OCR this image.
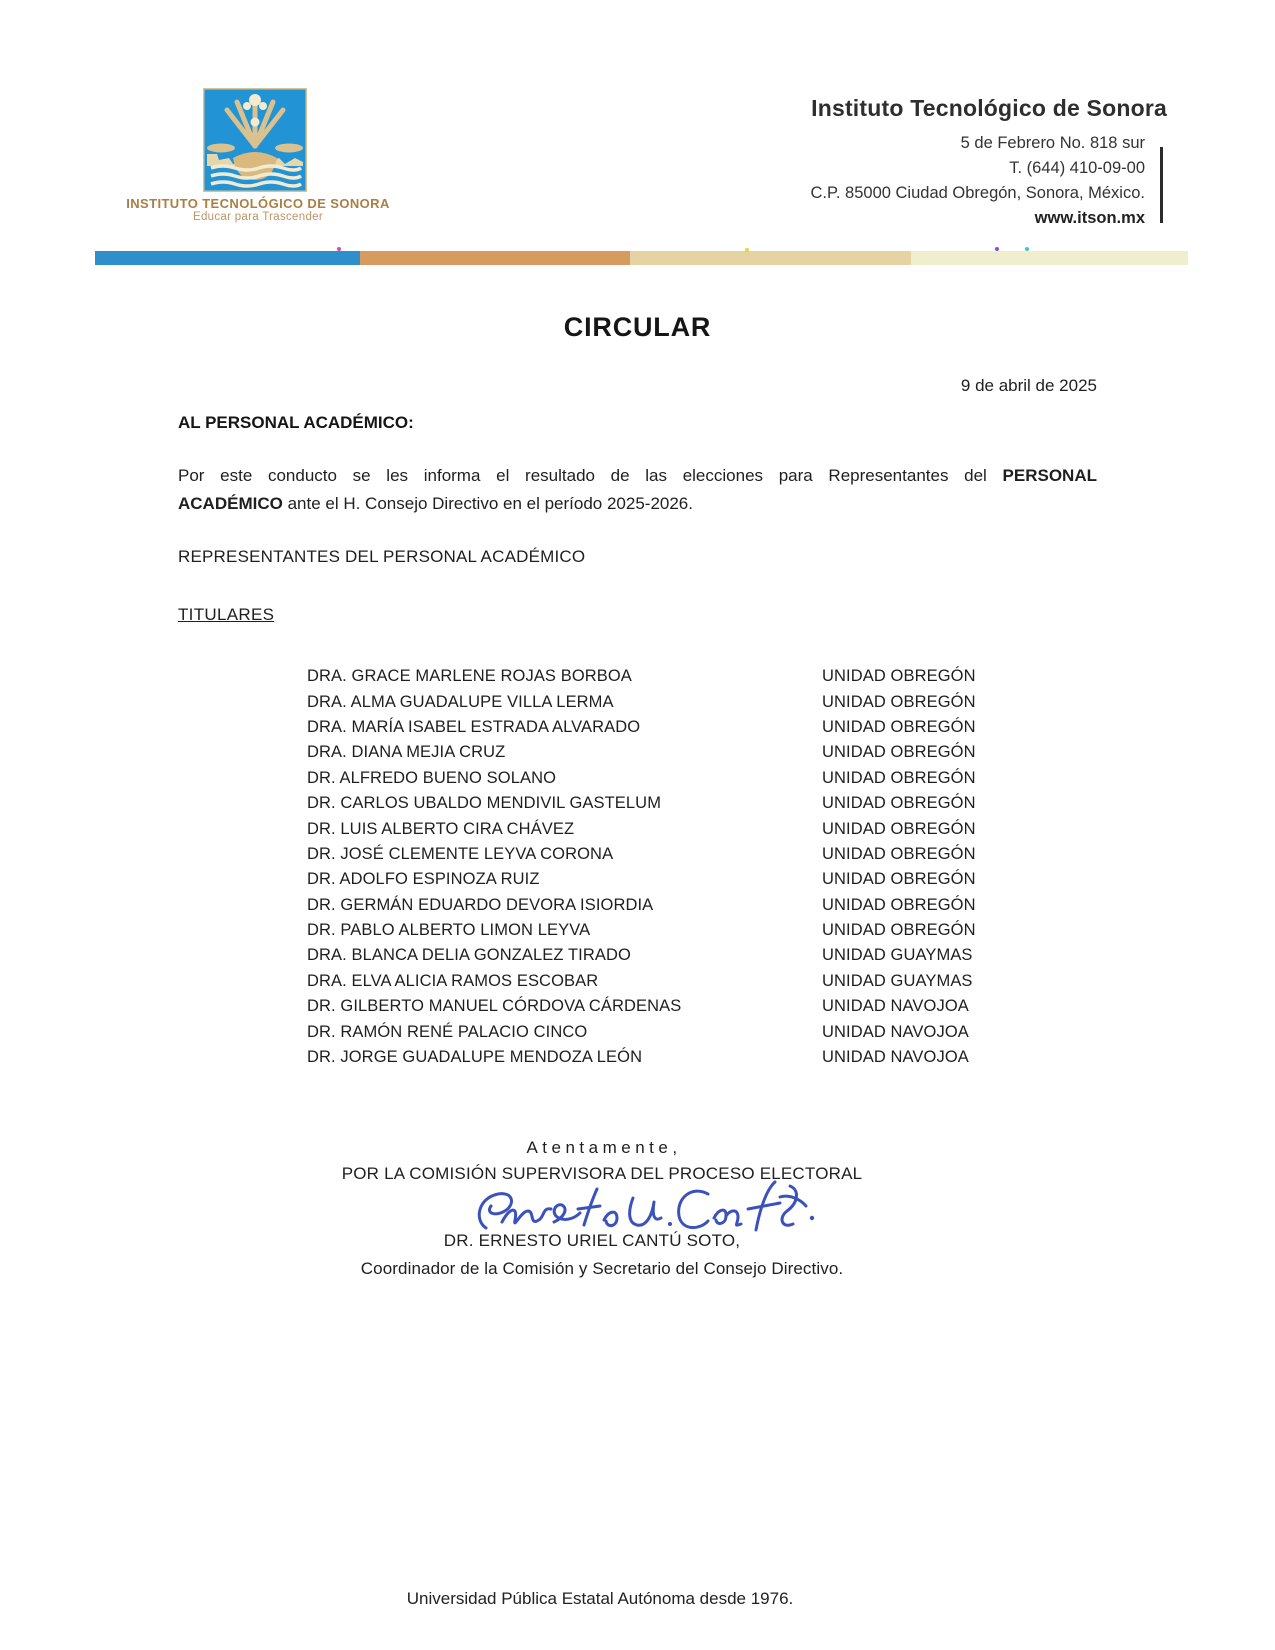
INSTITUTO TECNOLÓGICO DE SONORA
Educar para Trascender
Instituto Tecnológico de Sonora
5 de Febrero No. 818 sur
T. (644) 410-09-00
C.P. 85000 Ciudad Obregón, Sonora, México.
www.itson.mx
CIRCULAR
9 de abril de 2025
AL PERSONAL ACADÉMICO:
Por este conducto se les informa el resultado de las elecciones para Representantes del PERSONAL
ACADÉMICO ante el H. Consejo Directivo en el período 2025-2026.
REPRESENTANTES DEL PERSONAL ACADÉMICO
TITULARES
DRA. GRACE MARLENE ROJAS BORBOA	UNIDAD OBREGÓN
DRA. ALMA GUADALUPE VILLA LERMA	UNIDAD OBREGÓN
DRA. MARÍA ISABEL ESTRADA ALVARADO	UNIDAD OBREGÓN
DRA. DIANA MEJIA CRUZ	UNIDAD OBREGÓN
DR. ALFREDO BUENO SOLANO	UNIDAD OBREGÓN
DR. CARLOS UBALDO MENDIVIL GASTELUM	UNIDAD OBREGÓN
DR. LUIS ALBERTO CIRA CHÁVEZ	UNIDAD OBREGÓN
DR. JOSÉ CLEMENTE LEYVA CORONA	UNIDAD OBREGÓN
DR. ADOLFO ESPINOZA RUIZ	UNIDAD OBREGÓN
DR. GERMÁN EDUARDO DEVORA ISIORDIA	UNIDAD OBREGÓN
DR. PABLO ALBERTO LIMON LEYVA	UNIDAD OBREGÓN
DRA. BLANCA DELIA GONZALEZ TIRADO	UNIDAD GUAYMAS
DRA. ELVA ALICIA RAMOS ESCOBAR	UNIDAD GUAYMAS
DR. GILBERTO MANUEL CÓRDOVA CÁRDENAS	UNIDAD NAVOJOA
DR. RAMÓN RENÉ PALACIO CINCO	UNIDAD NAVOJOA
DR. JORGE GUADALUPE MENDOZA LEÓN	UNIDAD NAVOJOA
Atentamente,
POR LA COMISIÓN SUPERVISORA DEL PROCESO ELECTORAL
DR. ERNESTO URIEL CANTÚ SOTO,
Coordinador de la Comisión y Secretario del Consejo Directivo.
Universidad Pública Estatal Autónoma desde 1976.
